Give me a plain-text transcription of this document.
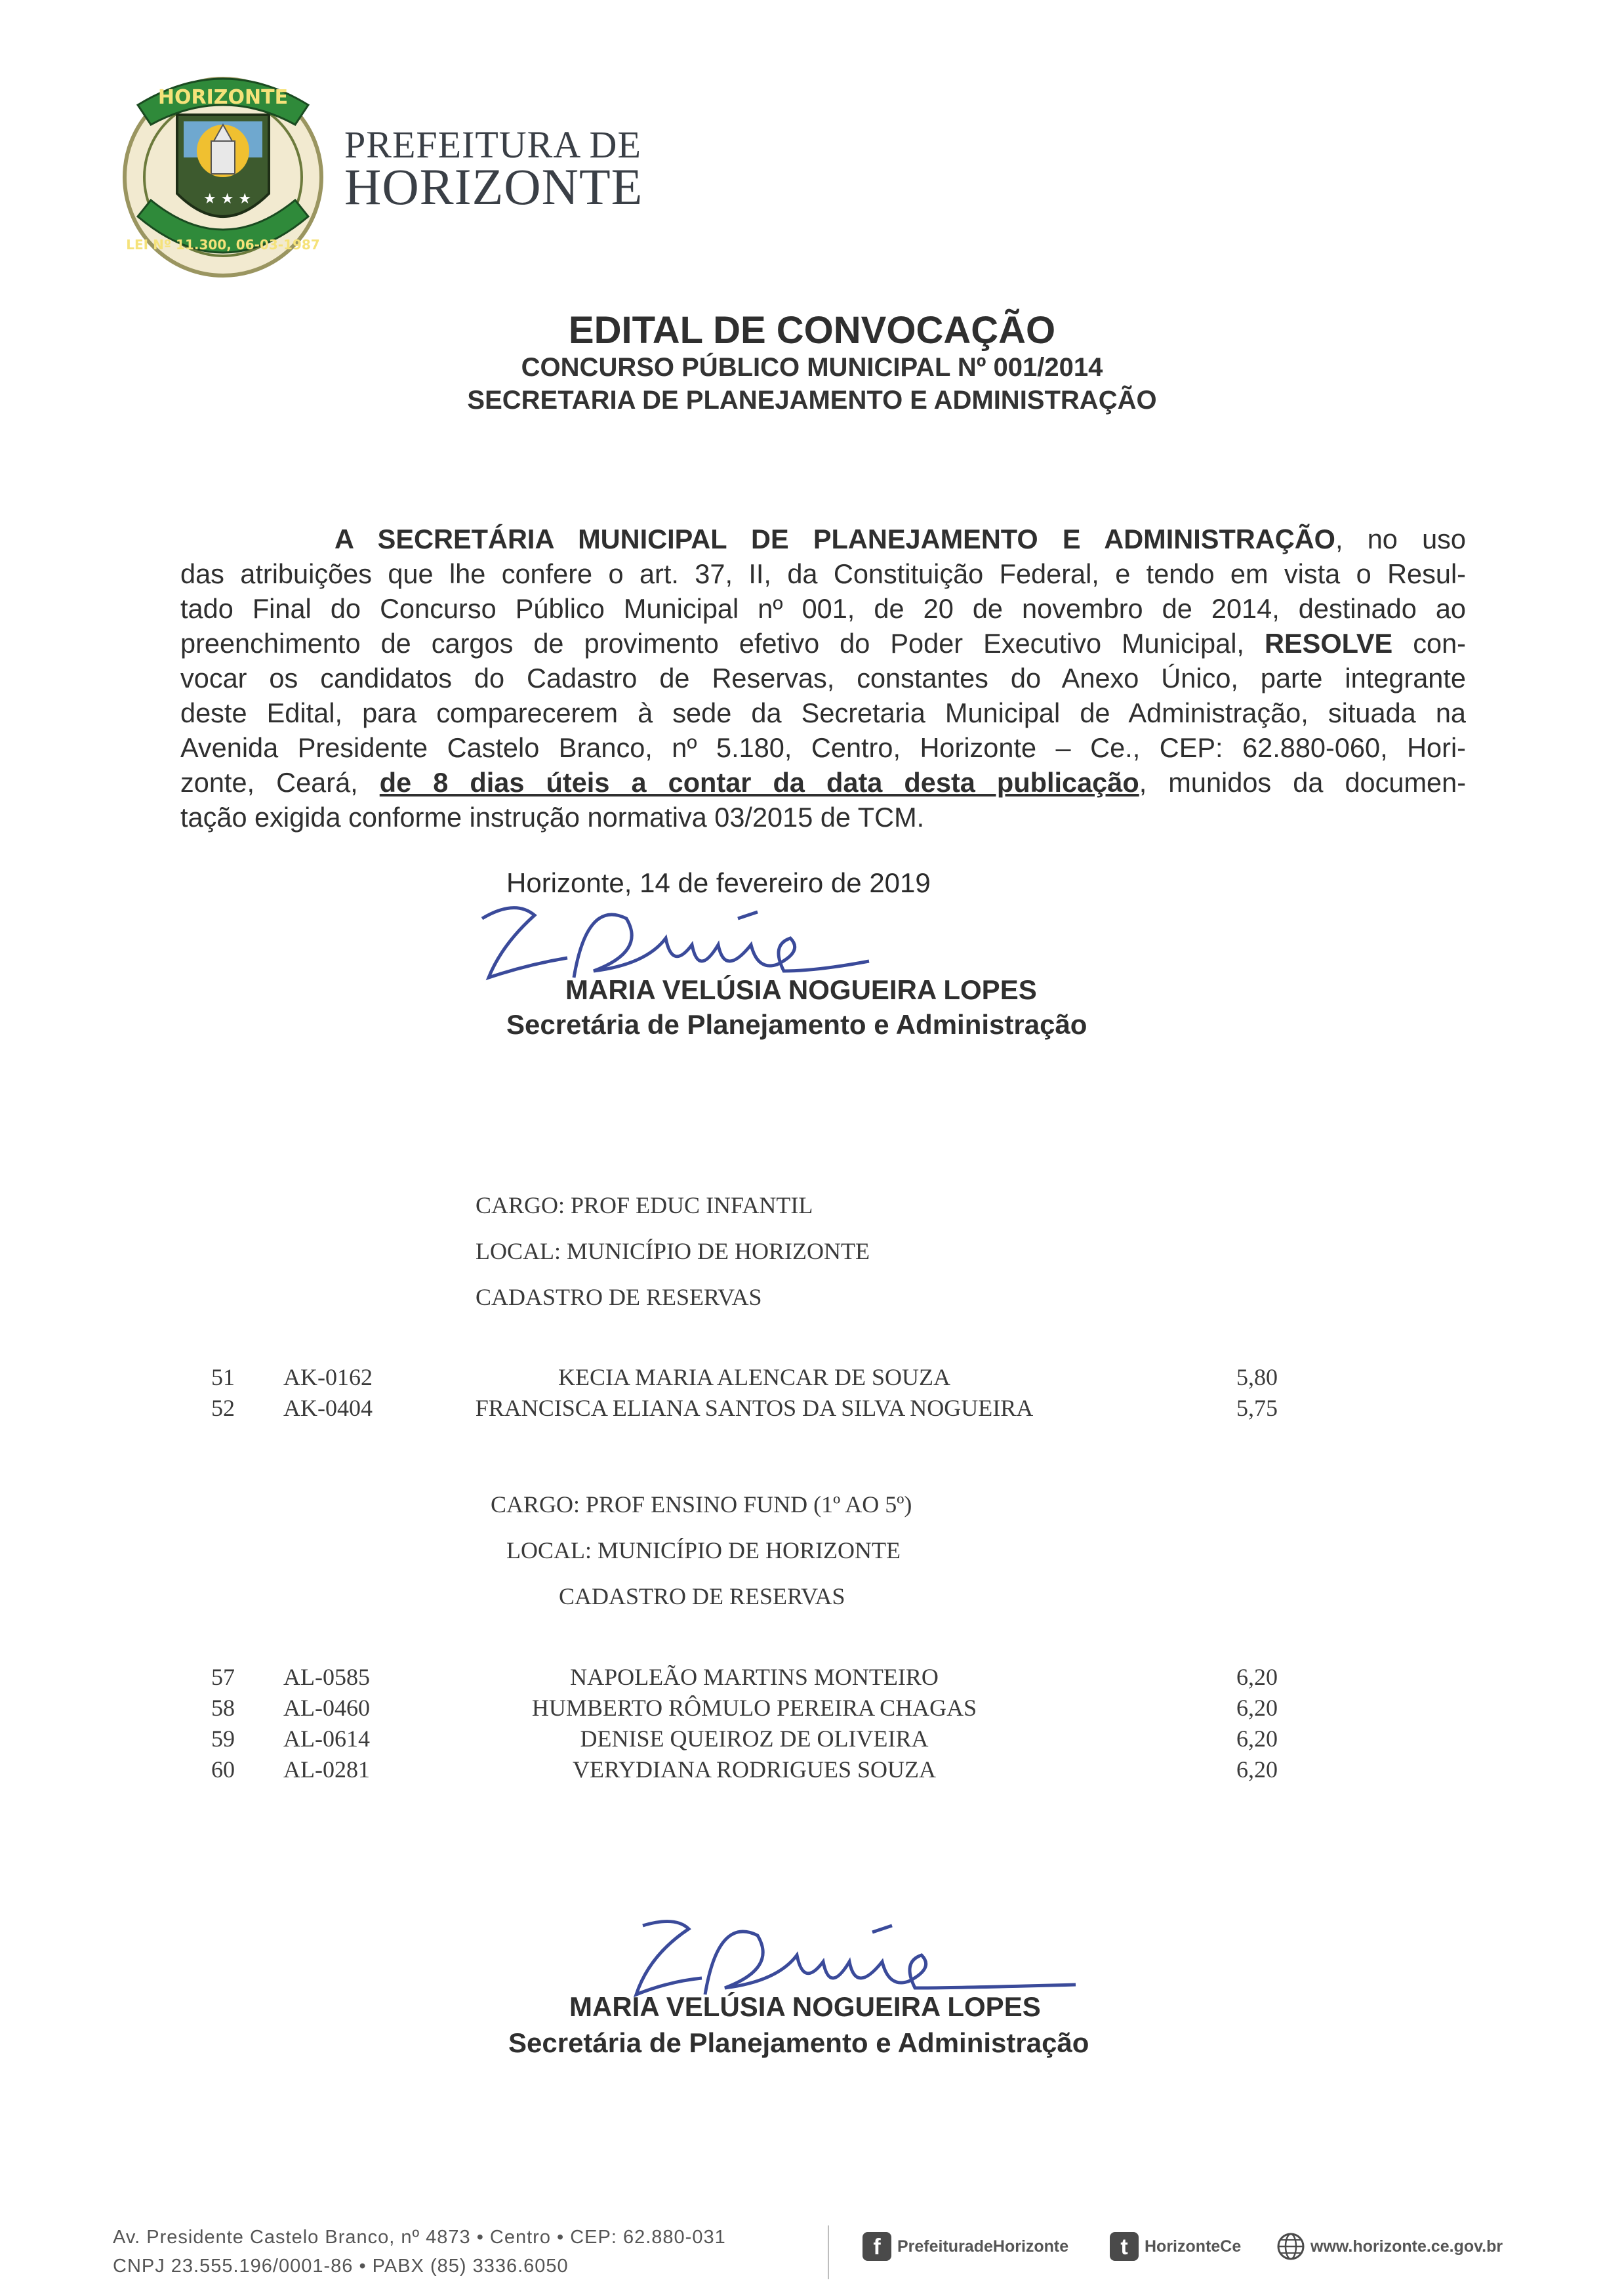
★ ★ ★
HORIZONTE
LEI Nº 11.300, 06-03-1987
PREFEITURA DE
HORIZONTE
EDITAL DE CONVOCAÇÃO
CONCURSO PÚBLICO MUNICIPAL Nº 001/2014
SECRETARIA DE PLANEJAMENTO E ADMINISTRAÇÃO
A SECRETÁRIA MUNICIPAL DE PLANEJAMENTO E ADMINISTRAÇÃO, no uso
das atribuições que lhe confere o art. 37, II, da Constituição Federal, e tendo em vista o Resul-
tado Final do Concurso Público Municipal nº 001, de 20 de novembro de 2014, destinado ao
preenchimento de cargos de provimento efetivo do Poder Executivo Municipal, RESOLVE con-
vocar os candidatos do Cadastro de Reservas, constantes do Anexo Único, parte integrante
deste Edital, para comparecerem à sede da Secretaria Municipal de Administração, situada na
Avenida Presidente Castelo Branco, nº 5.180, Centro, Horizonte – Ce., CEP: 62.880-060, Hori-
zonte, Ceará, de 8 dias úteis a contar da data desta publicação, munidos da documen-
tação exigida conforme instrução normativa 03/2015 de TCM.
Horizonte, 14 de fevereiro de 2019
MARIA VELÚSIA NOGUEIRA LOPES
Secretária de Planejamento e Administração
CARGO: PROF EDUC INFANTIL
LOCAL: MUNICÍPIO DE HORIZONTE
CADASTRO DE RESERVAS
51 AK-0162	KECIA MARIA ALENCAR DE SOUZA	5,80
52 AK-0404	FRANCISCA ELIANA SANTOS DA SILVA NOGUEIRA	5,75
CARGO: PROF ENSINO FUND (1º AO 5º)
LOCAL: MUNICÍPIO DE HORIZONTE
CADASTRO DE RESERVAS
57 AL-0585	NAPOLEÃO MARTINS MONTEIRO	6,20
58 AL-0460	HUMBERTO RÔMULO PEREIRA CHAGAS	6,20
59 AL-0614	DENISE QUEIROZ DE OLIVEIRA	6,20
60 AL-0281	VERYDIANA RODRIGUES SOUZA	6,20
MARIA VELÚSIA NOGUEIRA LOPES
Secretária de Planejamento e Administração
Av. Presidente Castelo Branco, nº 4873 • Centro • CEP: 62.880-031
CNPJ 23.555.196/0001-86 • PABX (85) 3336.6050
f	PrefeituradeHorizonte	t	HorizonteCe	www.horizonte.ce.gov.br
